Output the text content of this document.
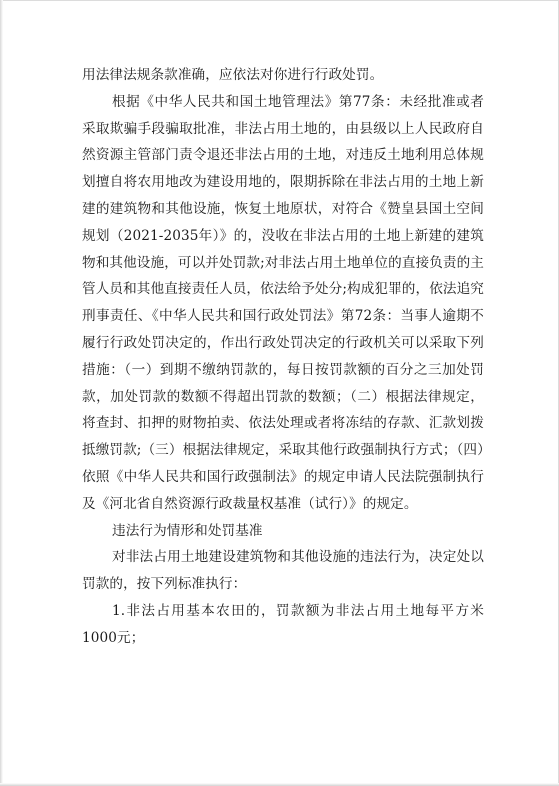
用法律法规条款准确，应依法对你进行行政处罚。

根据《中华人民共和国土地管理法》第77条：未经批准或者采取欺骗手段骗取批准，非法占用土地的，由县级以上人民政府自然资源主管部门责令退还非法占用的土地，对违反土地利用总体规划擅自将农用地改为建设用地的，限期拆除在非法占用的土地上新建的建筑物和其他设施，恢复土地原状，对符合《赞皇县国土空间规划（2021-2035年）》的，没收在非法占用的土地上新建的建筑物和其他设施，可以并处罚款;对非法占用土地单位的直接负责的主管人员和其他直接责任人员，依法给予处分;构成犯罪的，依法追究刑事责任、《中华人民共和国行政处罚法》第72条：当事人逾期不履行行政处罚决定的，作出行政处罚决定的行政机关可以采取下列措施：（一）到期不缴纳罚款的，每日按罚款额的百分之三加处罚款，加处罚款的数额不得超出罚款的数额；（二）根据法律规定，将查封、扣押的财物拍卖、依法处理或者将冻结的存款、汇款划拨抵缴罚款;（三）根据法律规定，采取其他行政强制执行方式；（四）依照《中华人民共和国行政强制法》的规定申请人民法院强制执行及《河北省自然资源行政裁量权基准（试行）》的规定。

违法行为情形和处罚基准

对非法占用土地建设建筑物和其他设施的违法行为，决定处以罚款的，按下列标准执行：

1.非法占用基本农田的，罚款额为非法占用土地每平方米 1000元；
